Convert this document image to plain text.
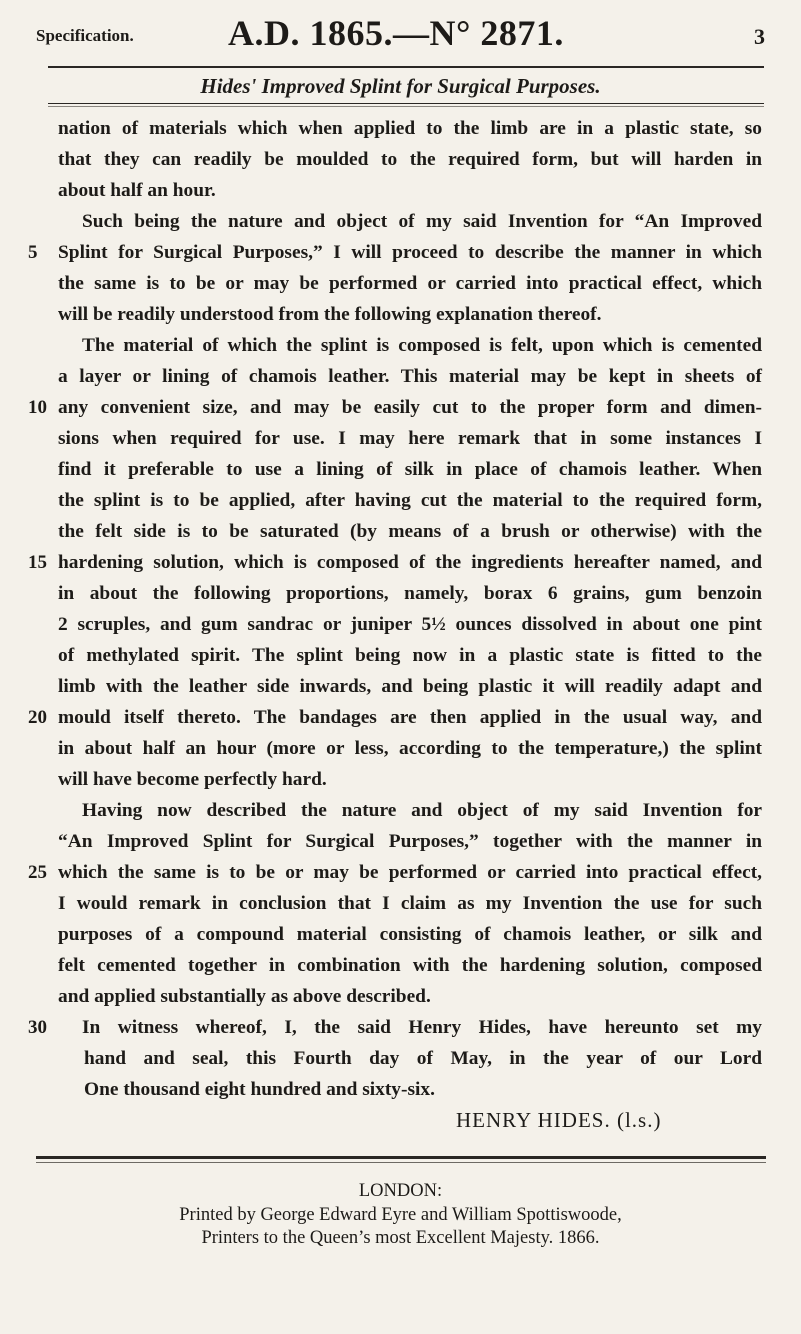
Specification.	A.D. 1865.—N° 2871.	3
Hides' Improved Splint for Surgical Purposes.
nation of materials which when applied to the limb are in a plastic state, so
that they can readily be moulded to the required form, but will harden in
about half an hour.
Such being the nature and object of my said Invention for “An Improved
Splint for Surgical Purposes,” I will proceed to describe the manner in which
the same is to be or may be performed or carried into practical effect, which
will be readily understood from the following explanation thereof.
The material of which the splint is composed is felt, upon which is cemented
a layer or lining of chamois leather. This material may be kept in sheets of
any convenient size, and may be easily cut to the proper form and dimen-
sions when required for use. I may here remark that in some instances I
find it preferable to use a lining of silk in place of chamois leather. When
the splint is to be applied, after having cut the material to the required form,
the felt side is to be saturated (by means of a brush or otherwise) with the
hardening solution, which is composed of the ingredients hereafter named, and
in about the following proportions, namely, borax 6 grains, gum benzoin
2 scruples, and gum sandrac or juniper 5½ ounces dissolved in about one pint
of methylated spirit. The splint being now in a plastic state is fitted to the
limb with the leather side inwards, and being plastic it will readily adapt and
mould itself thereto. The bandages are then applied in the usual way, and
in about half an hour (more or less, according to the temperature,) the splint
will have become perfectly hard.
Having now described the nature and object of my said Invention for
“An Improved Splint for Surgical Purposes,” together with the manner in
which the same is to be or may be performed or carried into practical effect,
I would remark in conclusion that I claim as my Invention the use for such
purposes of a compound material consisting of chamois leather, or silk and
felt cemented together in combination with the hardening solution, composed
and applied substantially as above described.
In witness whereof, I, the said Henry Hides, have hereunto set my
hand and seal, this Fourth day of May, in the year of our Lord
One thousand eight hundred and sixty-six.
5
10
15
20
25
30
HENRY HIDES. (l.s.)
LONDON:
Printed by George Edward Eyre and William Spottiswoode,
Printers to the Queen’s most Excellent Majesty. 1866.
